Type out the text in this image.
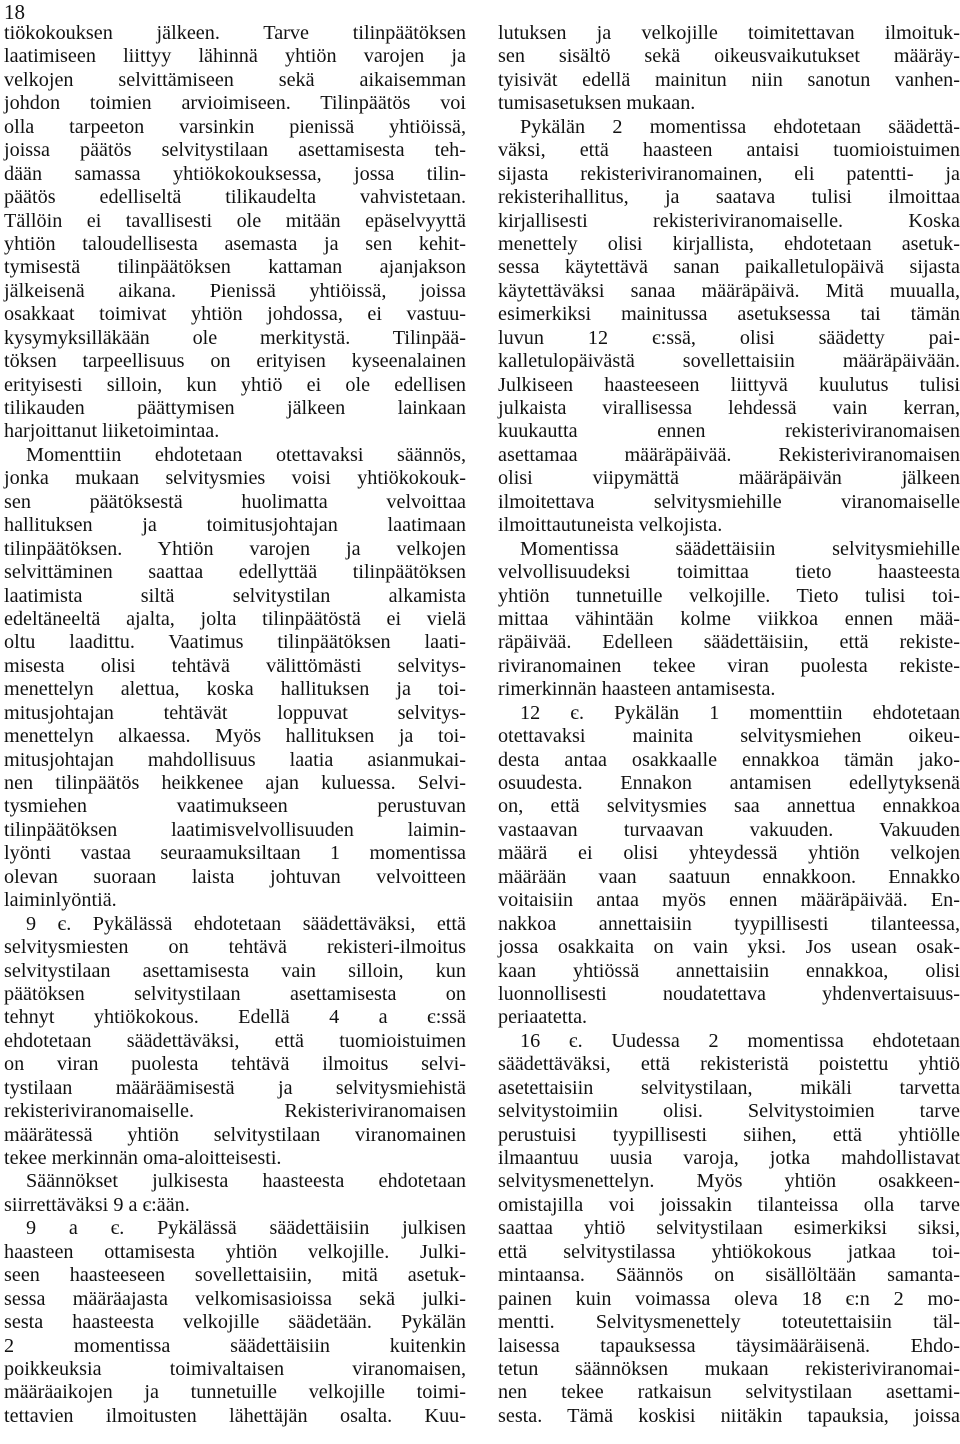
18
tiökokouksen jälkeen. Tarve tilinpäätöksen
laatimiseen liittyy lähinnä yhtiön varojen ja
velkojen selvittämiseen sekä aikaisemman
johdon toimien arvioimiseen. Tilinpäätös voi
olla tarpeeton varsinkin pienissä yhtiöissä,
joissa päätös selvitystilaan asettamisesta teh-
dään samassa yhtiökokouksessa, jossa tilin-
päätös edelliseltä tilikaudelta vahvistetaan.
Tällöin ei tavallisesti ole mitään epäselvyyttä
yhtiön taloudellisesta asemasta ja sen kehit-
tymisestä tilinpäätöksen kattaman ajanjakson
jälkeisenä aikana. Pienissä yhtiöissä, joissa
osakkaat toimivat yhtiön johdossa, ei vastuu-
kysymyksilläkään ole merkitystä. Tilinpää-
töksen tarpeellisuus on erityisen kyseenalainen
erityisesti silloin, kun yhtiö ei ole edellisen
tilikauden päättymisen jälkeen lainkaan
harjoittanut liiketoimintaa.
Momenttiin ehdotetaan otettavaksi säännös,
jonka mukaan selvitysmies voisi yhtiökokouk-
sen päätöksestä huolimatta velvoittaa
hallituksen ja toimitusjohtajan laatimaan
tilinpäätöksen. Yhtiön varojen ja velkojen
selvittäminen saattaa edellyttää tilinpäätöksen
laatimista siltä selvitystilan alkamista
edeltäneeltä ajalta, jolta tilinpäätöstä ei vielä
oltu laadittu. Vaatimus tilinpäätöksen laati-
misesta olisi tehtävä välittömästi selvitys-
menettelyn alettua, koska hallituksen ja toi-
mitusjohtajan tehtävät loppuvat selvitys-
menettelyn alkaessa. Myös hallituksen ja toi-
mitusjohtajan mahdollisuus laatia asianmukai-
nen tilinpäätös heikkenee ajan kuluessa. Selvi-
tysmiehen vaatimukseen perustuvan
tilinpäätöksen laatimisvelvollisuuden laimin-
lyönti vastaa seuraamuksiltaan 1 momentissa
olevan suoraan laista johtuvan velvoitteen
laiminlyöntiä.
9 є. Pykälässä ehdotetaan säädettäväksi, että
selvitysmiesten on tehtävä rekisteri-ilmoitus
selvitystilaan asettamisesta vain silloin, kun
päätöksen selvitystilaan asettamisesta on
tehnyt yhtiökokous. Edellä 4 a є:ssä
ehdotetaan säädettäväksi, että tuomioistuimen
on viran puolesta tehtävä ilmoitus selvi-
tystilaan määräämisestä ja selvitysmiehistä
rekisteriviranomaiselle. Rekisteriviranomaisen
määrätessä yhtiön selvitystilaan viranomainen
tekee merkinnän oma-aloitteisesti.
Säännökset julkisesta haasteesta ehdotetaan
siirrettäväksi 9 a є:ään.
9 a є. Pykälässä säädettäisiin julkisen
haasteen ottamisesta yhtiön velkojille. Julki-
seen haasteeseen sovellettaisiin, mitä asetuk-
sessa määräajasta velkomisasioissa sekä julki-
sesta haasteesta velkojille säädetään. Pykälän
2 momentissa säädettäisiin kuitenkin
poikkeuksia toimivaltaisen viranomaisen,
määräaikojen ja tunnetuille velkojille toimi-
tettavien ilmoitusten lähettäjän osalta. Kuu-
lutuksen ja velkojille toimitettavan ilmoituk-
sen sisältö sekä oikeusvaikutukset määräy-
tyisivät edellä mainitun niin sanotun vanhen-
tumisasetuksen mukaan.
Pykälän 2 momentissa ehdotetaan säädettä-
väksi, että haasteen antaisi tuomioistuimen
sijasta rekisteriviranomainen, eli patentti- ja
rekisterihallitus, ja saatava tulisi ilmoittaa
kirjallisesti rekisteriviranomaiselle. Koska
menettely olisi kirjallista, ehdotetaan asetuk-
sessa käytettävä sanan paikalletulopäivä sijasta
käytettäväksi sanaa määräpäivä. Mitä muualla,
esimerkiksi mainitussa asetuksessa tai tämän
luvun 12 є:ssä, olisi säädetty pai-
kalletulopäivästä sovellettaisiin määräpäivään.
Julkiseen haasteeseen liittyvä kuulutus tulisi
julkaista virallisessa lehdessä vain kerran,
kuukautta ennen rekisteriviranomaisen
asettamaa määräpäivää. Rekisteriviranomaisen
olisi viipymättä määräpäivän jälkeen
ilmoitettava selvitysmiehille viranomaiselle
ilmoittautuneista velkojista.
Momentissa säädettäisiin selvitysmiehille
velvollisuudeksi toimittaa tieto haasteesta
yhtiön tunnetuille velkojille. Tieto tulisi toi-
mittaa vähintään kolme viikkoa ennen mää-
räpäivää. Edelleen säädettäisiin, että rekiste-
riviranomainen tekee viran puolesta rekiste-
rimerkinnän haasteen antamisesta.
12 є. Pykälän 1 momenttiin ehdotetaan
otettavaksi mainita selvitysmiehen oikeu-
desta antaa osakkaalle ennakkoa tämän jako-
osuudesta. Ennakon antamisen edellytyksenä
on, että selvitysmies saa annettua ennakkoa
vastaavan turvaavan vakuuden. Vakuuden
määrä ei olisi yhteydessä yhtiön velkojen
määrään vaan saatuun ennakkoon. Ennakko
voitaisiin antaa myös ennen määräpäivää. En-
nakkoa annettaisiin tyypillisesti tilanteessa,
jossa osakkaita on vain yksi. Jos usean osak-
kaan yhtiössä annettaisiin ennakkoa, olisi
luonnollisesti noudatettava yhdenvertaisuus-
periaatetta.
16 є. Uudessa 2 momentissa ehdotetaan
säädettäväksi, että rekisteristä poistettu yhtiö
asetettaisiin selvitystilaan, mikäli tarvetta
selvitystoimiin olisi. Selvitystoimien tarve
perustuisi tyypillisesti siihen, että yhtiölle
ilmaantuu uusia varoja, jotka mahdollistavat
selvitysmenettelyn. Myös yhtiön osakkeen-
omistajilla voi joissakin tilanteissa olla tarve
saattaa yhtiö selvitystilaan esimerkiksi siksi,
että selvitystilassa yhtiökokous jatkaa toi-
mintaansa. Säännös on sisällöltään samanta-
painen kuin voimassa oleva 18 є:n 2 mo-
mentti. Selvitysmenettely toteutettaisiin täl-
laisessa tapauksessa täysimääräisenä. Ehdo-
tetun säännöksen mukaan rekisteriviranomai-
nen tekee ratkaisun selvitystilaan asettami-
sesta. Tämä koskisi niitäkin tapauksia, joissa
